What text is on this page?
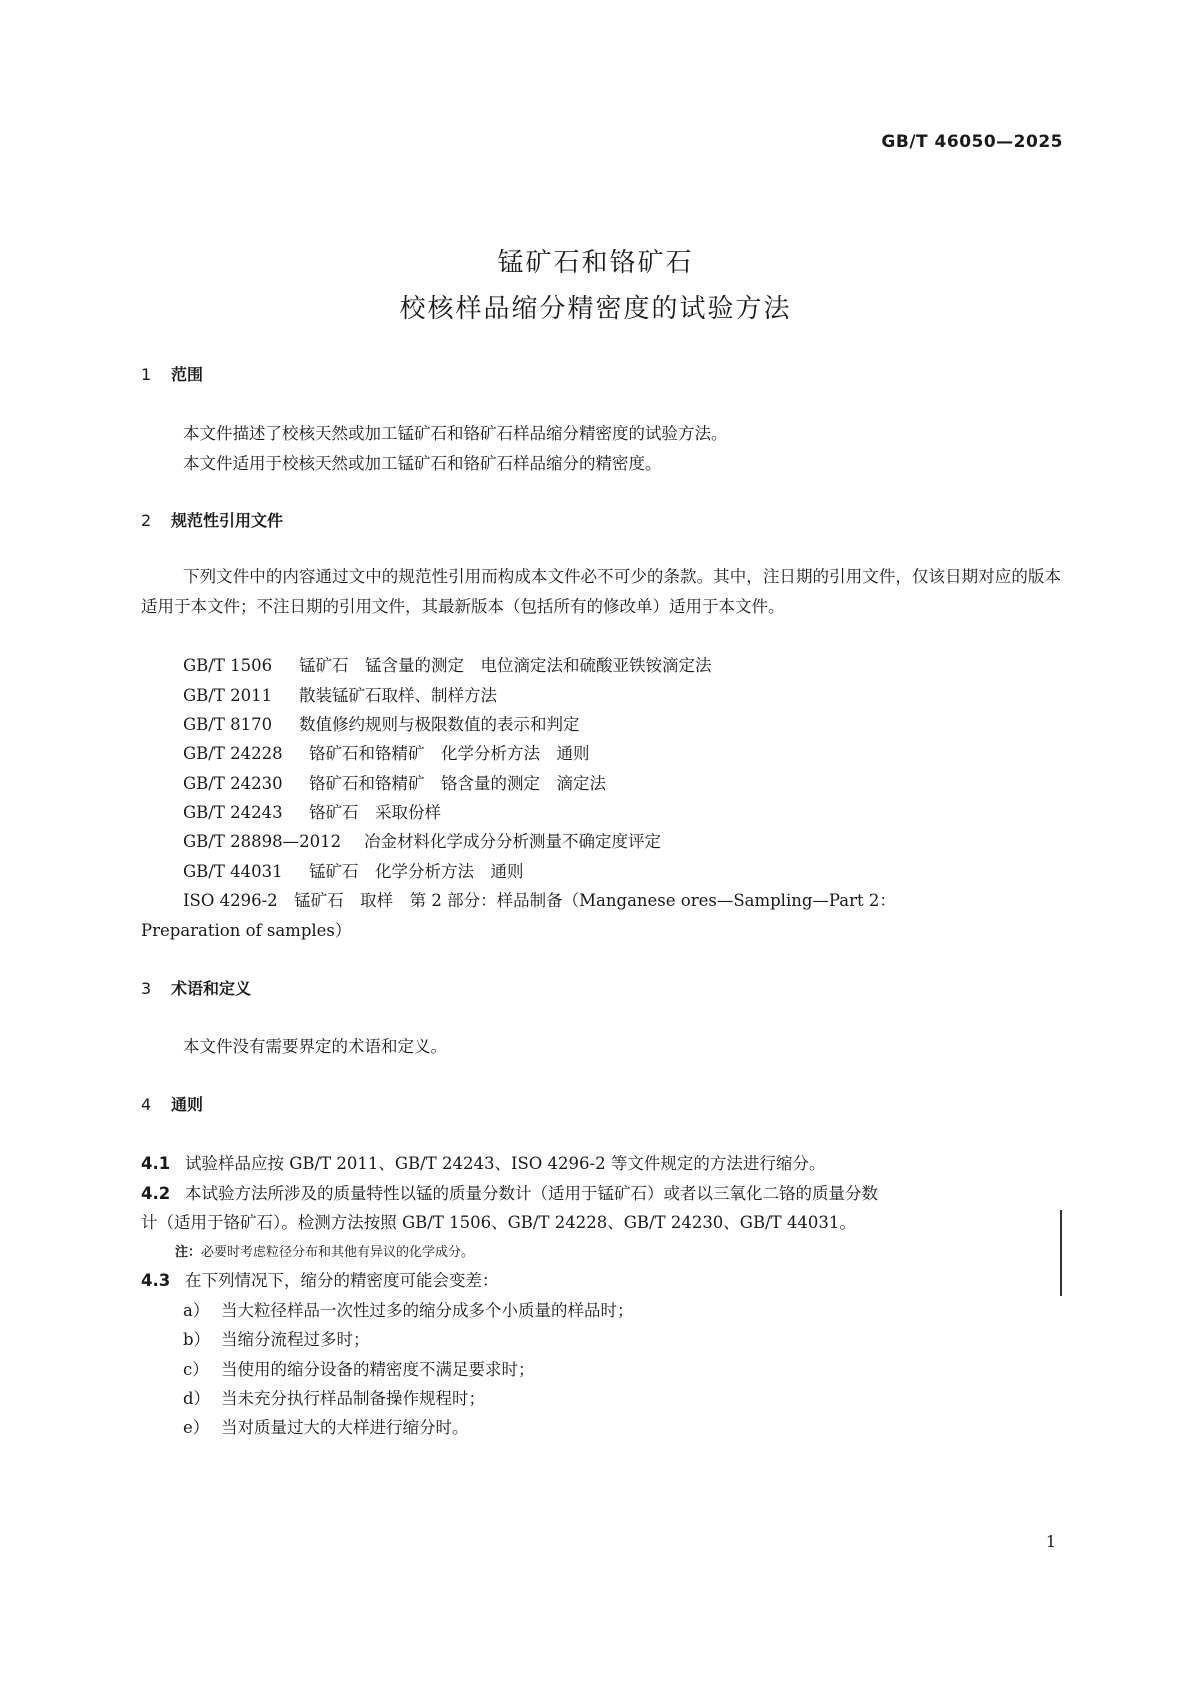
GB/T 46050—2025
锰矿石和铬矿石
校核样品缩分精密度的试验方法
1 范围
本文件描述了校核天然或加工锰矿石和铬矿石样品缩分精密度的试验方法。
本文件适用于校核天然或加工锰矿石和铬矿石样品缩分的精密度。
2 规范性引用文件
下列文件中的内容通过文中的规范性引用而构成本文件必不可少的条款。其中，注日期的引用文件，仅该日期对应的版本适用于本文件；不注日期的引用文件，其最新版本（包括所有的修改单）适用于本文件。
GB/T 1506 锰矿石　锰含量的测定　电位滴定法和硫酸亚铁铵滴定法
GB/T 2011 散装锰矿石取样、制样方法
GB/T 8170 数值修约规则与极限数值的表示和判定
GB/T 24228 铬矿石和铬精矿　化学分析方法　通则
GB/T 24230 铬矿石和铬精矿　铬含量的测定　滴定法
GB/T 24243 铬矿石　采取份样
GB/T 28898—2012 冶金材料化学成分分析测量不确定度评定
GB/T 44031 锰矿石　化学分析方法　通则
ISO 4296-2　锰矿石　取样　第 2 部分：样品制备（Manganese ores—Sampling—Part 2：
Preparation of samples）
3 术语和定义
本文件没有需要界定的术语和定义。
4 通则
4.1 试验样品应按 GB/T 2011、GB/T 24243、ISO 4296-2 等文件规定的方法进行缩分。
4.2 本试验方法所涉及的质量特性以锰的质量分数计（适用于锰矿石）或者以三氧化二铬的质量分数
计（适用于铬矿石）。检测方法按照 GB/T 1506、GB/T 24228、GB/T 24230、GB/T 44031。
注：必要时考虑粒径分布和其他有异议的化学成分。
4.3 在下列情况下，缩分的精密度可能会变差：
a） 当大粒径样品一次性过多的缩分成多个小质量的样品时；
b） 当缩分流程过多时；
c） 当使用的缩分设备的精密度不满足要求时；
d） 当未充分执行样品制备操作规程时；
e） 当对质量过大的大样进行缩分时。
1
